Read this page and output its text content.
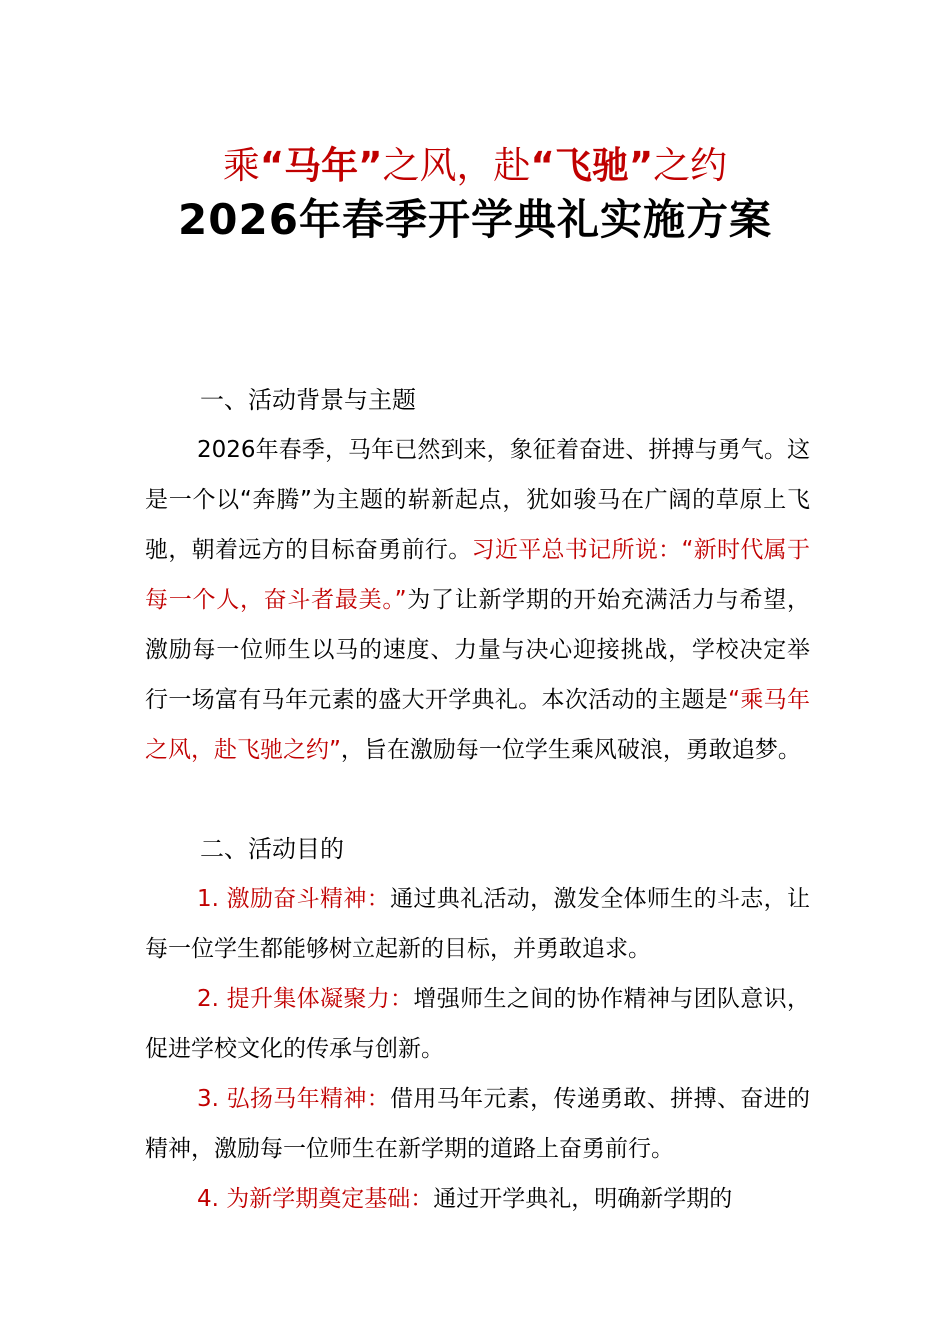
乘“马年”之风，赴“飞驰”之约
2026年春季开学典礼实施方案
一、活动背景与主题
2026年春季，马年已然到来，象征着奋进、拼搏与勇气。这是一个以“奔腾”为主题的崭新起点，犹如骏马在广阔的草原上飞驰，朝着远方的目标奋勇前行。习近平总书记所说：“新时代属于每一个人，奋斗者最美。”为了让新学期的开始充满活力与希望，激励每一位师生以马的速度、力量与决心迎接挑战，学校决定举行一场富有马年元素的盛大开学典礼。本次活动的主题是“乘马年之风，赴飞驰之约”，旨在激励每一位学生乘风破浪，勇敢追梦。
二、活动目的
1. 激励奋斗精神：通过典礼活动，激发全体师生的斗志，让每一位学生都能够树立起新的目标，并勇敢追求。
2. 提升集体凝聚力：增强师生之间的协作精神与团队意识，促进学校文化的传承与创新。
3. 弘扬马年精神：借用马年元素，传递勇敢、拼搏、奋进的精神，激励每一位师生在新学期的道路上奋勇前行。
4. 为新学期奠定基础：通过开学典礼，明确新学期的
